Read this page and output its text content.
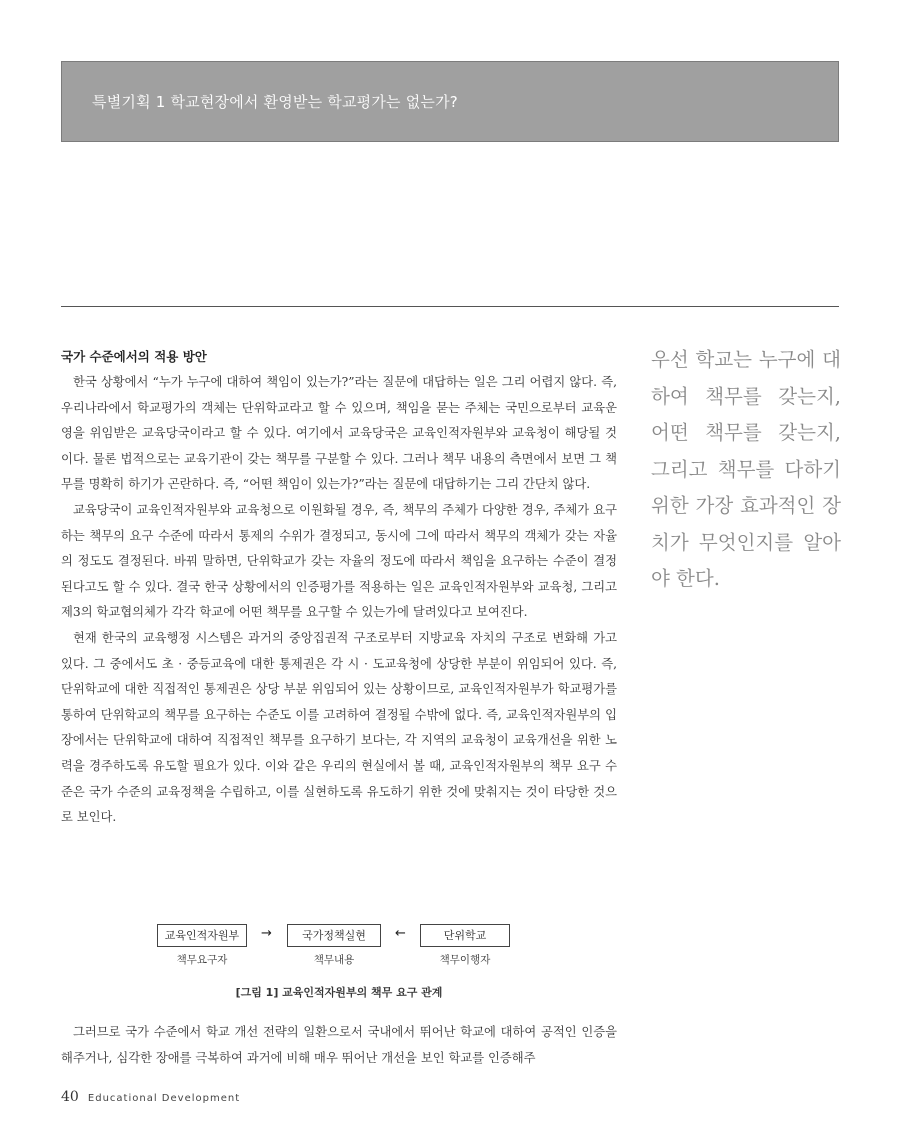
특별기획 1 학교현장에서 환영받는 학교평가는 없는가?
국가 수준에서의 적용 방안

한국 상황에서 “누가 누구에 대하여 책임이 있는가?”라는 질문에 대답하는 일은 그리 어렵지 않다. 즉, 우리나라에서 학교평가의 객체는 단위학교라고 할 수 있으며, 책임을 묻는 주체는 국민으로부터 교육운영을 위임받은 교육당국이라고 할 수 있다. 여기에서 교육당국은 교육인적자원부와 교육청이 해당될 것이다. 물론 법적으로는 교육기관이 갖는 책무를 구분할 수 있다. 그러나 책무 내용의 측면에서 보면 그 책무를 명확히 하기가 곤란하다. 즉, “어떤 책임이 있는가?”라는 질문에 대답하기는 그리 간단치 않다.

교육당국이 교육인적자원부와 교육청으로 이원화될 경우, 즉, 책무의 주체가 다양한 경우, 주체가 요구하는 책무의 요구 수준에 따라서 통제의 수위가 결정되고, 동시에 그에 따라서 책무의 객체가 갖는 자율의 정도도 결정된다. 바꿔 말하면, 단위학교가 갖는 자율의 정도에 따라서 책임을 요구하는 수준이 결정된다고도 할 수 있다. 결국 한국 상황에서의 인증평가를 적용하는 일은 교육인적자원부와 교육청, 그리고 제3의 학교협의체가 각각 학교에 어떤 책무를 요구할 수 있는가에 달려있다고 보여진다.

현재 한국의 교육행정 시스템은 과거의 중앙집권적 구조로부터 지방교육 자치의 구조로 변화해 가고 있다. 그 중에서도 초 · 중등교육에 대한 통제권은 각 시 · 도교육청에 상당한 부분이 위임되어 있다. 즉, 단위학교에 대한 직접적인 통제권은 상당 부분 위임되어 있는 상황이므로, 교육인적자원부가 학교평가를 통하여 단위학교의 책무를 요구하는 수준도 이를 고려하여 결정될 수밖에 없다. 즉, 교육인적자원부의 입장에서는 단위학교에 대하여 직접적인 책무를 요구하기 보다는, 각 지역의 교육청이 교육개선을 위한 노력을 경주하도록 유도할 필요가 있다. 이와 같은 우리의 현실에서 볼 때, 교육인적자원부의 책무 요구 수준은 국가 수준의 교육정책을 수립하고, 이를 실현하도록 유도하기 위한 것에 맞춰지는 것이 타당한 것으로 보인다.

우선 학교는 누구에 대하여 책무를 갖는지, 어떤 책무를 갖는지, 그리고 책무를 다하기 위한 가장 효과적인 장치가 무엇인지를 알아야 한다.
교육인적자원부	→	국가정책실현	←	단위학교
책무요구자	책무내용	책무이행자
[그림 1] 교육인적자원부의 책무 요구 관계

그러므로 국가 수준에서 학교 개선 전략의 일환으로서 국내에서 뛰어난 학교에 대하여 공적인 인증을 해주거나, 심각한 장애를 극복하여 과거에 비해 매우 뛰어난 개선을 보인 학교를 인증해주

40 Educational Development
